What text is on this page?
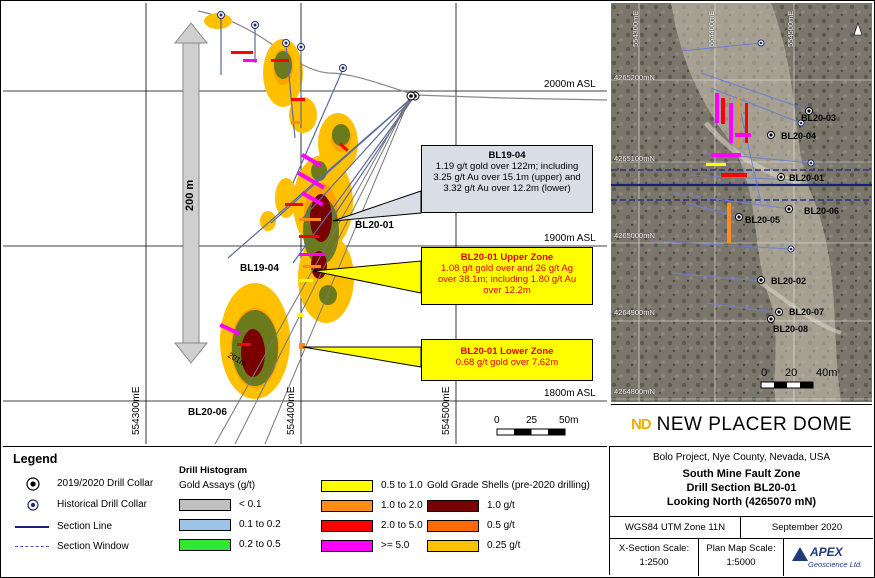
2000m ASL
1900m ASL
1800m ASL
554300mE	554400mE	554500mE
200 m
BL20-01
BL19-04
BL20-06
201m
BL19-04
1.19 g/t gold over 122m; including
3.25 g/t Au over 15.1m (upper) and
3.32 g/t Au over 12.2m (lower)
BL20-01 Upper Zone
1.08 g/t gold over and 26 g/t Ag
over 38.1m; including 1.80 g/t Au
over 12.2m
BL20-01 Lower Zone
0.68 g/t gold over 7.62m
0	25 50m
4265200mN
4265100mN
4265000mN
4264900mN
4264800mN
554300mE	554400mE	554500mE
BL20-03
BL20-04
BL20-01
BL20-06
BL20-05
BL20-02
BL20-07
BL20-08
0 20 40m
ND NEW PLACER DOME
Legend
2019/2020 Drill Collar
Historical Drill Collar
Section Line
Section Window
Drill Histogram
Gold Assays (g/t)
< 0.1
0.1 to 0.2
0.2 to 0.5
0.5 to 1.0
1.0 to 2.0
2.0 to 5.0
>= 5.0
Gold Grade Shells (pre-2020 drilling)
1.0 g/t
0.5 g/t
0.25 g/t
Bolo Project, Nye County, Nevada, USA
South Mine Fault Zone
Drill Section BL20-01
Looking North (4265070 mN)
WGS84 UTM Zone 11N	September 2020
X-Section Scale:
1:2500
Plan Map Scale:
1:5000
APEX
Geoscience Ltd.
